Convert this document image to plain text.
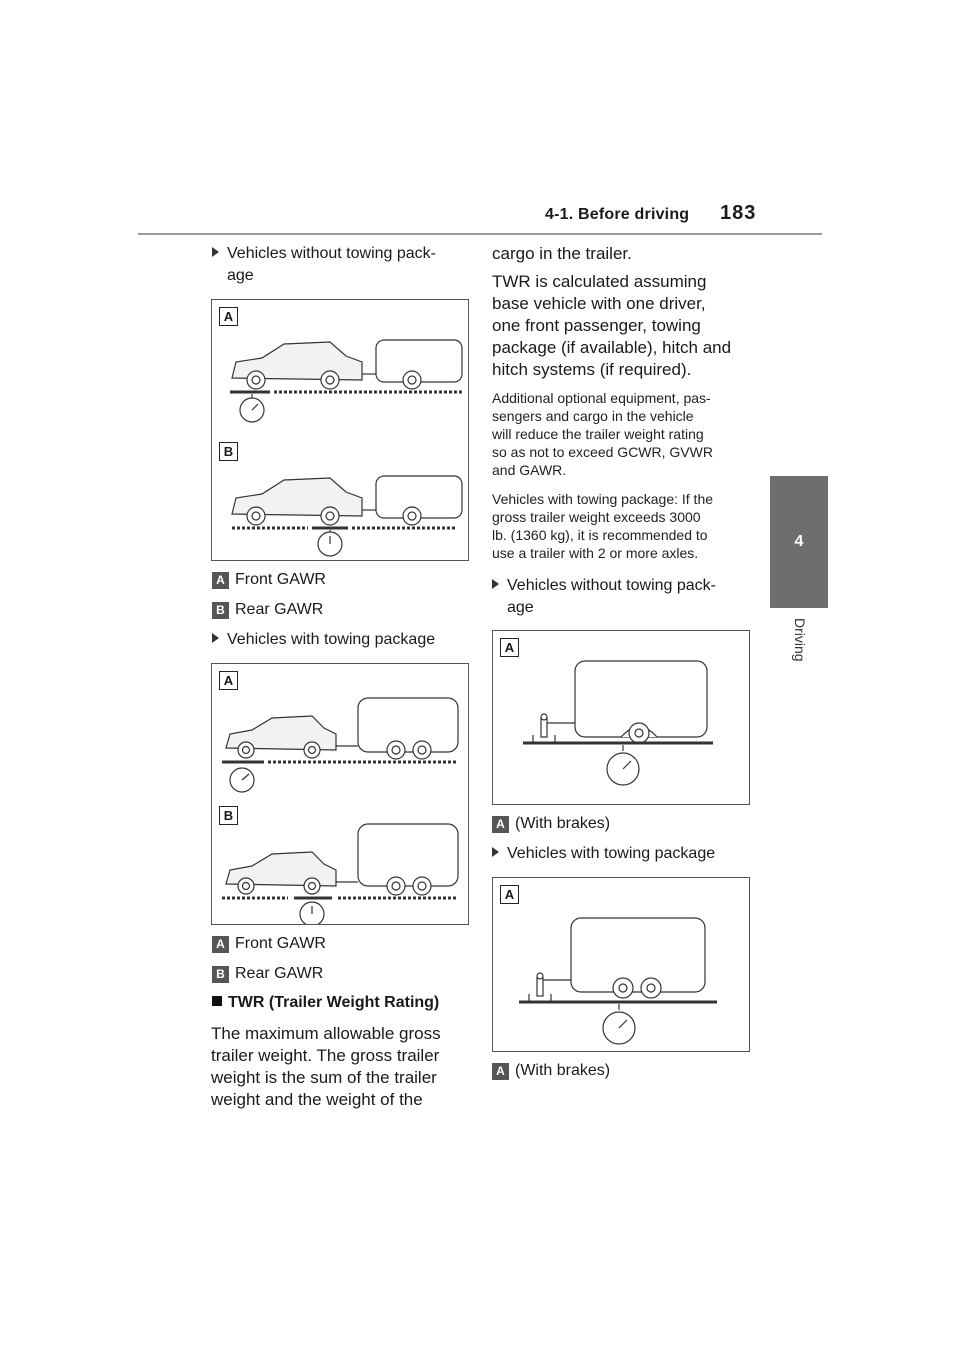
4-1. Before driving 183
4
Driving
Vehicles without towing pack-
age
A
B
A Front GAWR
B Rear GAWR
Vehicles with towing package
A
B
A Front GAWR
B Rear GAWR
TWR (Trailer Weight Rating)
The maximum allowable gross
trailer weight. The gross trailer
weight is the sum of the trailer
weight and the weight of the
cargo in the trailer.
TWR is calculated assuming
base vehicle with one driver,
one front passenger, towing
package (if available), hitch and
hitch systems (if required).
Additional optional equipment, pas-
sengers and cargo in the vehicle
will reduce the trailer weight rating
so as not to exceed GCWR, GVWR
and GAWR.
Vehicles with towing package: If the
gross trailer weight exceeds 3000
lb. (1360 kg), it is recommended to
use a trailer with 2 or more axles.
Vehicles without towing pack-
age
A
A (With brakes)
Vehicles with towing package
A
A (With brakes)
